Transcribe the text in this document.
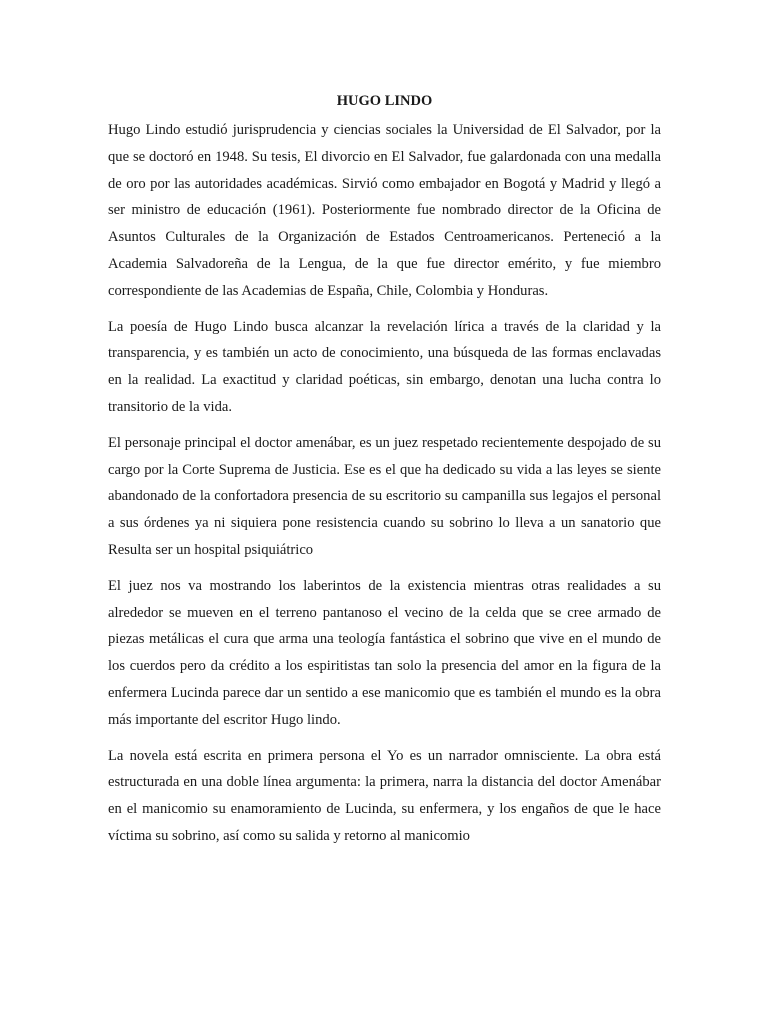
HUGO LINDO

Hugo Lindo estudió jurisprudencia y ciencias sociales la Universidad de El Salvador, por la que se doctoró en 1948. Su tesis, El divorcio en El Salvador, fue galardonada con una medalla de oro por las autoridades académicas. Sirvió como embajador en Bogotá y Madrid y llegó a ser ministro de educación (1961). Posteriormente fue nombrado director de la Oficina de Asuntos Culturales de la Organización de Estados Centroamericanos. Perteneció a la Academia Salvadoreña de la Lengua, de la que fue director emérito, y fue miembro correspondiente de las Academias de España, Chile, Colombia y Honduras.

La poesía de Hugo Lindo busca alcanzar la revelación lírica a través de la claridad y la transparencia, y es también un acto de conocimiento, una búsqueda de las formas enclavadas en la realidad. La exactitud y claridad poéticas, sin embargo, denotan una lucha contra lo transitorio de la vida.

El personaje principal el doctor amenábar, es un juez respetado recientemente despojado de su cargo por la Corte Suprema de Justicia. Ese es el que ha dedicado su vida a las leyes se siente abandonado de la confortadora presencia de su escritorio su campanilla sus legajos el personal a sus órdenes ya ni siquiera pone resistencia cuando su sobrino lo lleva a un sanatorio que Resulta ser un hospital psiquiátrico

El juez nos va mostrando los laberintos de la existencia mientras otras realidades a su alrededor se mueven en el terreno pantanoso el vecino de la celda que se cree armado de piezas metálicas el cura que arma una teología fantástica el sobrino que vive en el mundo de los cuerdos pero da crédito a los espiritistas tan solo la presencia del amor en la figura de la enfermera Lucinda parece dar un sentido a ese manicomio que es también el mundo es la obra más importante del escritor Hugo lindo.

La novela está escrita en primera persona el Yo es un narrador omnisciente. La obra está estructurada en una doble línea argumenta: la primera, narra la distancia del doctor Amenábar en el manicomio su enamoramiento de Lucinda, su enfermera, y los engaños de que le hace víctima su sobrino, así como su salida y retorno al manicomio
